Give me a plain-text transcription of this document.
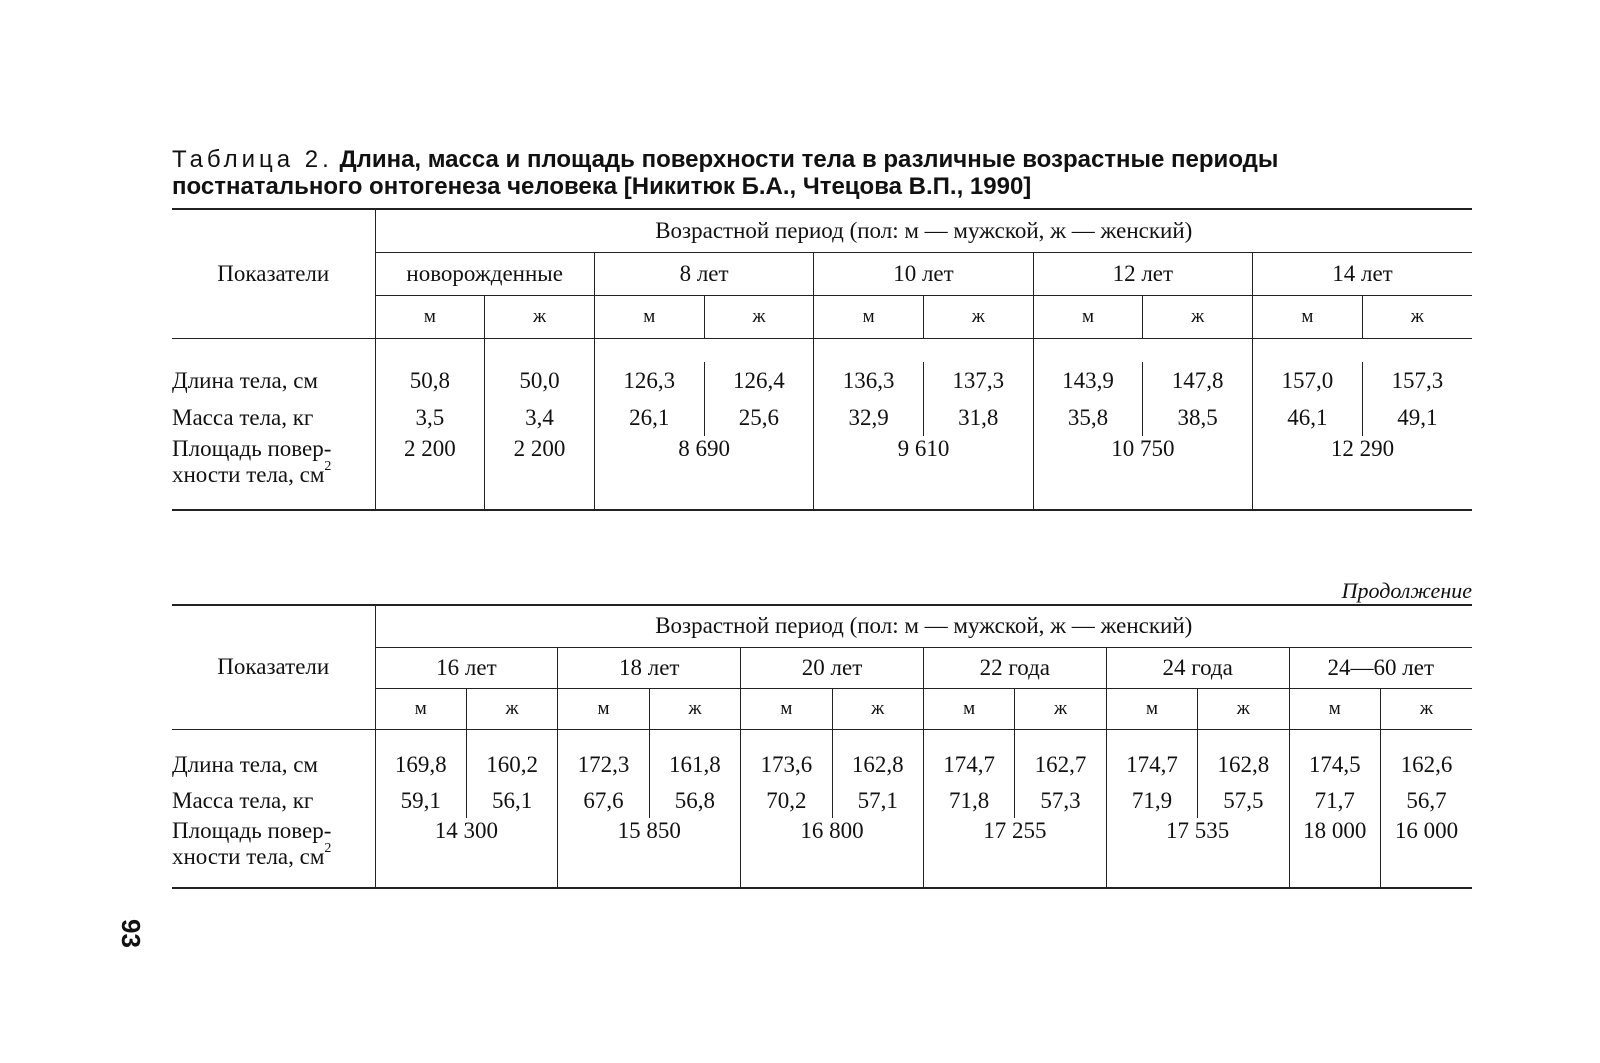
Таблица 2. Длина, масса и площадь поверхности тела в различные возрастные периоды постнатального онтогенеза человека [Никитюк Б.А., Чтецова В.П., 1990]
Показатели	Возрастной период (пол: м — мужской, ж — женский)									
	новорожденные		8 лет		10 лет		12 лет		14 лет	
	м	ж	м	ж	м	ж	м	ж	м	ж

Длина тела, см	50,8	50,0	126,3	126,4	136,3	137,3	143,9	147,8	157,0	157,3
Масса тела, кг	3,5	3,4	26,1	25,6	32,9	31,8	35,8	38,5	46,1	49,1
Площадь повер-
хности тела, $см^2$	2 200	2 200	8 690		9 610		10 750		12 290	
Продолжение
Показатели	Возрастной период (пол: м — мужской, ж — женский)											
	16 лет		18 лет		20 лет		22 года		24 года		24—60 лет	
	м	ж	м	ж	м	ж	м	ж	м	ж	м	ж

Длина тела, см	169,8	160,2	172,3	161,8	173,6	162,8	174,7	162,7	174,7	162,8	174,5	162,6
Масса тела, кг	59,1	56,1	67,6	56,8	70,2	57,1	71,8	57,3	71,9	57,5	71,7	56,7
Площадь повер-
хности тела, $см^2$	14 300		15 850		16 800		17 255		17 535		18 000	16 000
93
